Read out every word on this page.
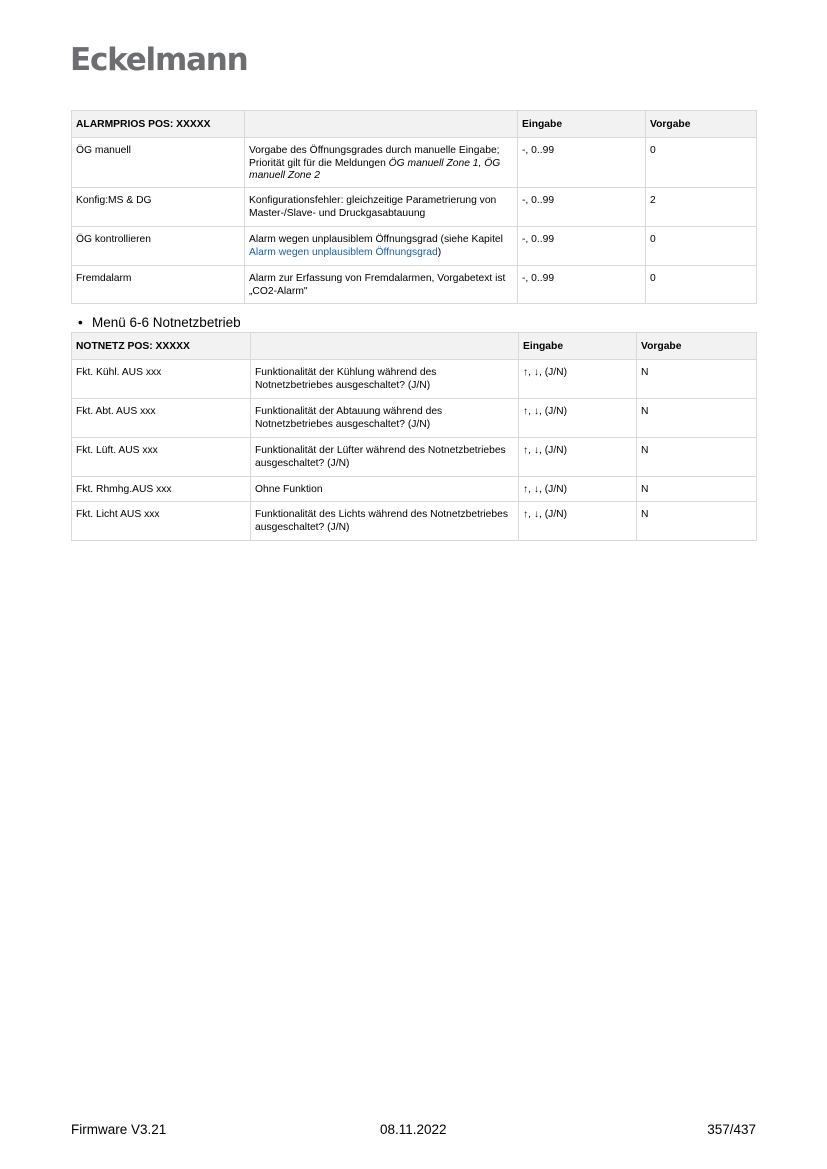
Eckelmann
ALARMPRIOS POS: XXXXX		Eingabe	Vorgabe
ÖG manuell	Vorgabe des Öffnungsgrades durch manuelle Eingabe; Priorität gilt für die Meldungen ÖG manuell Zone 1, ÖG manuell Zone 2	-, 0..99	0
Konfig:MS & DG	Konfigurationsfehler: gleichzeitige Parametrierung von Master-/Slave- und Druckgasabtauung	-, 0..99	2
ÖG kontrollieren	Alarm wegen unplausiblem Öffnungsgrad (siehe Kapitel Alarm wegen unplausiblem Öffnungsgrad)	-, 0..99	0
Fremdalarm	Alarm zur Erfassung von Fremdalarmen, Vorgabetext ist „CO2-Alarm"	-, 0..99	0
• Menü 6-6 Notnetzbetrieb
NOTNETZ POS: XXXXX		Eingabe	Vorgabe
Fkt. Kühl. AUS xxx	Funktionalität der Kühlung während des Notnetzbetriebes ausgeschaltet? (J/N)	↑, ↓, (J/N)	N
Fkt. Abt. AUS xxx	Funktionalität der Abtauung während des Notnetzbetriebes ausgeschaltet? (J/N)	↑, ↓, (J/N)	N
Fkt. Lüft. AUS xxx	Funktionalität der Lüfter während des Notnetzbetriebes ausgeschaltet? (J/N)	↑, ↓, (J/N)	N
Fkt. Rhmhg.AUS xxx	Ohne Funktion	↑, ↓, (J/N)	N
Fkt. Licht AUS xxx	Funktionalität des Lichts während des Notnetzbetriebes ausgeschaltet? (J/N)	↑, ↓, (J/N)	N
Firmware V3.21	08.11.2022	357/437
